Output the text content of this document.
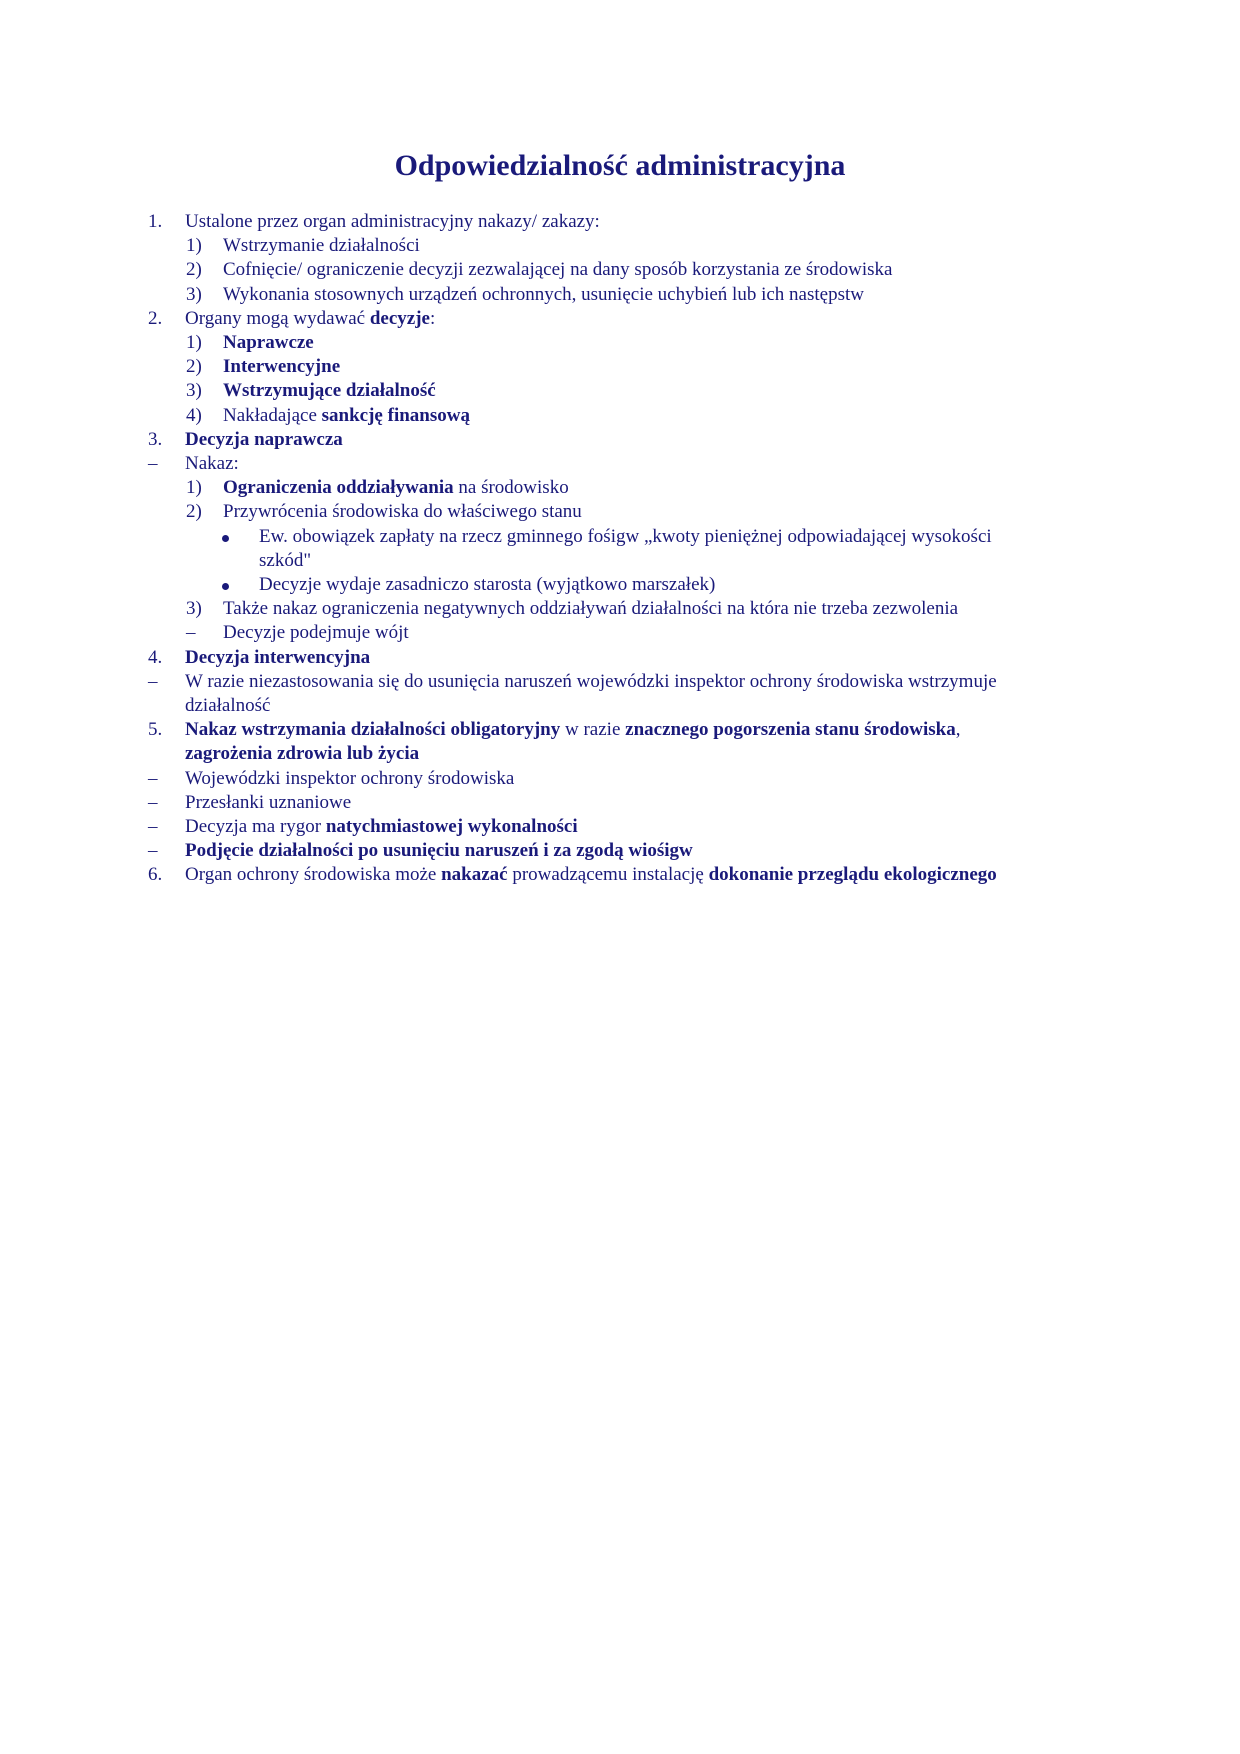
Odpowiedzialność administracyjna
1. Ustalone przez organ administracyjny nakazy/ zakazy:
1) Wstrzymanie działalności
2) Cofnięcie/ ograniczenie decyzji zezwalającej na dany sposób korzystania ze środowiska
3) Wykonania stosownych urządzeń ochronnych, usunięcie uchybień lub ich następstw
2. Organy mogą wydawać decyzje:
1) Naprawcze
2) Interwencyjne
3) Wstrzymujące działalność
4) Nakładające sankcję finansową
3. Decyzja naprawcza
– Nakaz:
1) Ograniczenia oddziaływania na środowisko
2) Przywrócenia środowiska do właściwego stanu
Ew. obowiązek zapłaty na rzecz gminnego fośigw „kwoty pieniężnej odpowiadającej wysokości
szkód"
Decyzje wydaje zasadniczo starosta (wyjątkowo marszałek)
3) Także nakaz ograniczenia negatywnych oddziaływań działalności na która nie trzeba zezwolenia
– Decyzje podejmuje wójt
4. Decyzja interwencyjna
– W razie niezastosowania się do usunięcia naruszeń wojewódzki inspektor ochrony środowiska wstrzymuje
działalność
5. Nakaz wstrzymania działalności obligatoryjny w razie znacznego pogorszenia stanu środowiska,
zagrożenia zdrowia lub życia
– Wojewódzki inspektor ochrony środowiska
– Przesłanki uznaniowe
– Decyzja ma rygor natychmiastowej wykonalności
– Podjęcie działalności po usunięciu naruszeń i za zgodą wiośigw
6. Organ ochrony środowiska może nakazać prowadzącemu instalację dokonanie przeglądu ekologicznego
